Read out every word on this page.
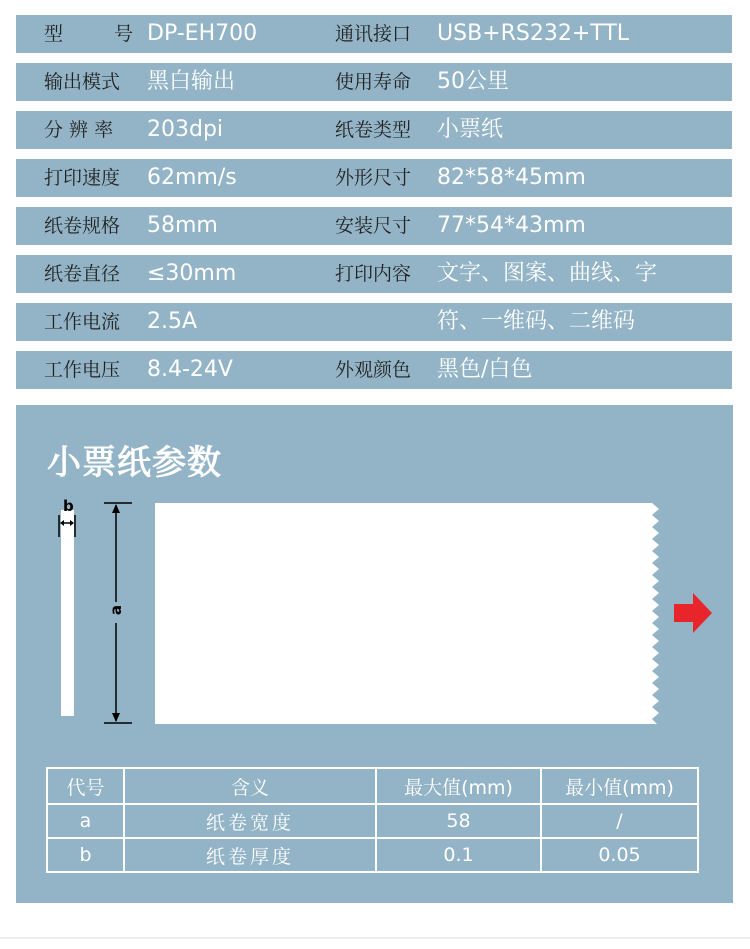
型	号 DP-EH700	通讯接口 USB+RS232+TTL
输出模式 黑白输出	使用寿命 50公里
分 辨 率 203dpi	纸卷类型 小票纸
打印速度 62mm/s	外形尺寸 82*58*45mm
纸卷规格 58mm	安装尺寸 77*54*43mm
纸卷直径 ≤30mm	打印内容 文字、图案、曲线、字
工作电流 2.5A	符、一维码、二维码
工作电压 8.4-24V	外观颜色 黑色/白色
小票纸参数
b
a
代号	含义	最大值(mm)	最小值(mm)
a	纸卷宽度	58	/
b	纸卷厚度	0.1	0.05
